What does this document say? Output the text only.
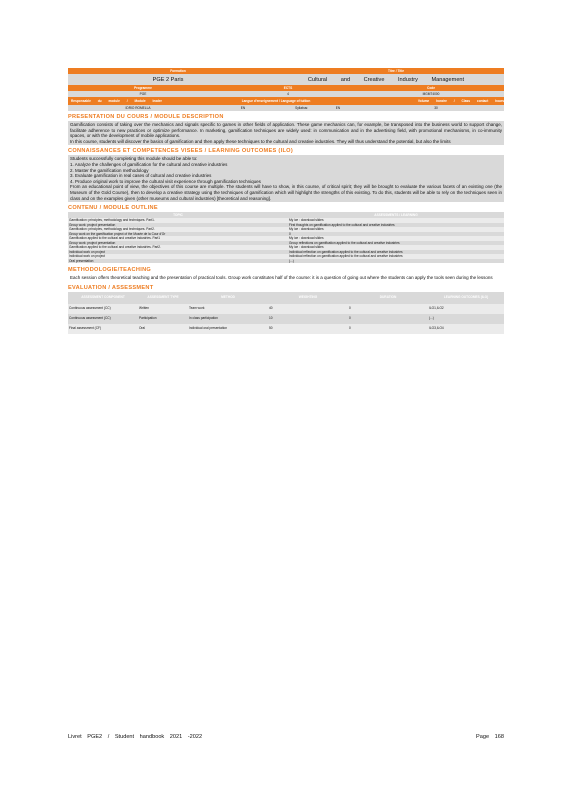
Formation	Titre / Title
PGE 2 Paris	Cultural and Creative Industry Management
Programme	ECTS	Code
PGE	4	MGMT4000
Responsable du module / Module leader	Langue d'enseignement / Language of tuition	Volume horaire / Class contact hours
IDRIO ROMELLA	EN	Syllabus:	EN	30
PRESENTATION DU COURS / MODULE DESCRIPTION

Gamification consists of taking over the mechanics and signals specific to games in other fields of application. These game mechanics can, for example, be transposed into the business world to support change, facilitate adherence to new practices or optimize performance. In marketing, gamification techniques are widely used: in communication and in the advertising field, with promotional mechanisms, in co-immunity spaces, or with the development of mobile applications.

In this course, students will discover the basics of gamification and then apply these techniques to the cultural and creative industries. They will thus understand the potential, but also the limits

CONNAISSANCES ET COMPETENCES VISEES / LEARNING OUTCOMES (ILO)

Students successfully completing this module should be able to:

1. Analyze the challenges of gamification for the cultural and creative industries

2. Master the gamification methodology

3. Evaluate gamification in real cases of cultural and creative industries

4. Produce original work to improve the cultural visit experience through gamification techniques

From an educational point of view, the objectives of this course are multiple. The students will have to show, in this course, of critical spirit; they will be brought to evaluate the various facets of an existing one (the Museum of the Gold Course), then to develop a creative strategy using the techniques of gamification which will highlight the strengths of this existing. To do this, students will be able to rely on the techniques seen in class and on the examples given (other museums and cultural industries) [theoretical and reasoning].

CONTENU / MODULE OUTLINE
TOPIC	ASSESSMENTS / LEARNING
Gamification: principles, methodology and techniques. Part1.	My ice : download slides
Group work: project presentation	First thoughts on gamification applied to the cultural and creative industries
Gamification: principles, methodology and techniques. Part2.	My ice : download slides
Group work on the gamification project of the Musée de la Cour d'Or	0
Gamification applied to the cultural and creative industries. Part1	My ice : download slides
Group work: project presentation	Group reflections on gamification applied to the cultural and creative industries
Gamification applied to the cultural and creative industries. Part2.	My ice : download slides
Individual work on project	Individual reflection on gamification applied to the cultural and creative industries
Individual work on project	Individual reflection on gamification applied to the cultural and creative industries
Oral presentation	(...)
METHODOLOGIE/TEACHING
Each session offers theoretical teaching and the presentation of practical tools. Group work constitutes half of the course: it is a question of going out where the students can apply the tools seen during the lessons
EVALUATION / ASSESSMENT
ASSESSMENT COMPONENT	ASSESSMENT TYPE	METHOD	WEIGHTING	DURATION	LEARNING OUTCOMES (ILO)
Continuous assessment (CC)	Written	Team work	40	0	ILO1,ILO2
Continuous assessment (CC)	Participation	In class participation	10	0	(...)
Final assessment (CF)	Oral	Individual oral presentation	50	0	ILO3,ILO4
Livret PGE2 / Student handbook 2021 -2022	Page 168
